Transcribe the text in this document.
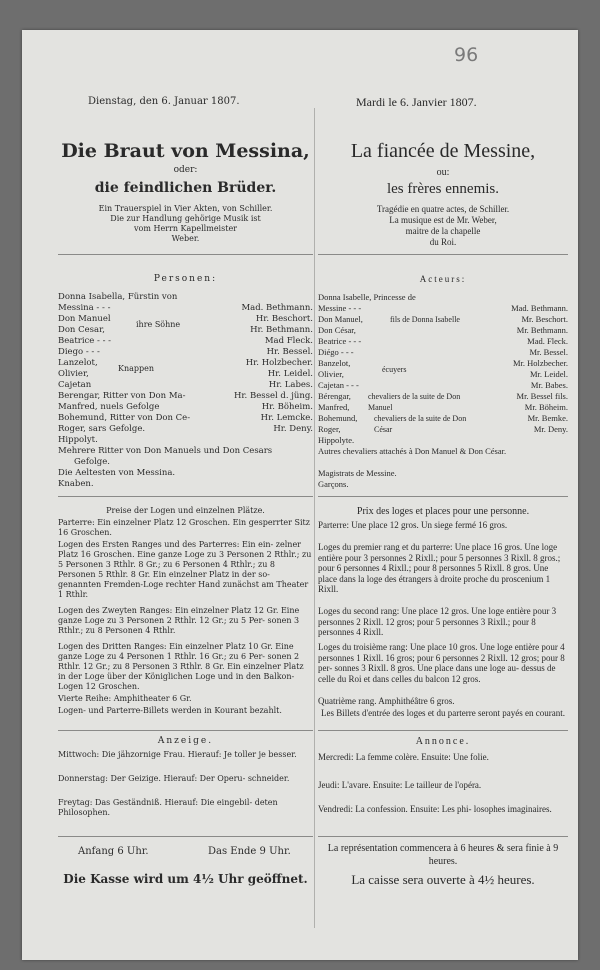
96
Dienstag, den 6. Januar 1807.
Die Braut von Messina,
oder:
die feindlichen Brüder.
Ein Trauerspiel in Vier Akten, von Schiller.
Die zur Handlung gehörige Musik ist
vom Herrn Kapellmeister
Weber.
Personen:
Donna Isabella, Fürstin von
Messina - - -	Mad. Bethmann.
Don Manuel	Hr. Beschort.
Don Cesar,	Hr. Bethmann.
ihre Söhne
Beatrice - - -	Mad Fleck.
Diego - - -	Hr. Bessel.
Lanzelot,	Hr. Holzbecher.
Olivier,	Hr. Leidel.
Knappen
Cajetan	Hr. Labes.
Berengar, Ritter von Don Ma-	Hr. Bessel d. jüng.
Manfred, nuels Gefolge	Hr. Böheim.
Bohemund, Ritter von Don Ce-	Hr. Lemcke.
Roger, sars Gefolge.	Hr. Deny.
Hippolyt.
Mehrere Ritter von Don Manuels und Don Cesars
Gefolge.
Die Aeltesten von Messina.
Knaben.
Preise der Logen und einzelnen Plätze.
Parterre: Ein einzelner Platz 12 Groschen. Ein gesperrter Sitz 16 Groschen.
Logen des Ersten Ranges und des Parterres: Ein ein- zelner Platz 16 Groschen. Eine ganze Loge zu 3 Personen 2 Rthlr.; zu 5 Personen 3 Rthlr. 8 Gr.; zu 6 Personen 4 Rthlr.; zu 8 Personen 5 Rthlr. 8 Gr. Ein einzelner Platz in der so- genannten Fremden-Loge rechter Hand zunächst am Theater 1 Rthlr.
Logen des Zweyten Ranges: Ein einzelner Platz 12 Gr. Eine ganze Loge zu 3 Personen 2 Rthlr. 12 Gr.; zu 5 Per- sonen 3 Rthlr.; zu 8 Personen 4 Rthlr.
Logen des Dritten Ranges: Ein einzelner Platz 10 Gr. Eine ganze Loge zu 4 Personen 1 Rthlr. 16 Gr.; zu 6 Per- sonen 2 Rthlr. 12 Gr.; zu 8 Personen 3 Rthlr. 8 Gr. Ein einzelner Platz in der Loge über der Königlichen Loge und in den Balkon-Logen 12 Groschen.
Vierte Reihe: Amphitheater 6 Gr.
Logen- und Parterre-Billets werden in Kourant bezahlt.
Anzeige.
Mittwoch: Die jähzornige Frau. Hierauf: Je toller je besser.
Donnerstag: Der Geizige. Hierauf: Der Operu- schneider.
Freytag: Das Geständniß. Hierauf: Die eingebil- deten Philosophen.
Anfang 6 Uhr.	Das Ende 9 Uhr.
Die Kasse wird um 4½ Uhr geöffnet.
Mardi le 6. Janvier 1807.
La fiancée de Messine,
ou:
les frères ennemis.
Tragédie en quatre actes, de Schiller.
La musique est de Mr. Weber,
maitre de la chapelle
du Roi.
Acteurs:
Donna Isabelle, Princesse de
Messine - - -	Mad. Bethmann.
Don Manuel,	Mr. Beschort.
Don César,	Mr. Bethmann.
fils de Donna Isabelle
Beatrice - - -	Mad. Fleck.
Diégo - - -	Mr. Bessel.
Banzelot,	Mr. Holzbecher.
Olivier,	Mr. Leidel.
écuyers
Cajetan - - -	Mr. Babes.
Bérengar,	Mr. Bessel fils.
Manfred,	Mr. Böheim.
chevaliers de la suite de Don Manuel
Bohemund,	Mr. Bemke.
Roger,	Mr. Deny.
chevaliers de la suite de Don César
Hippolyte.
Autres chevaliers attachés à Don Manuel & Don César.
Magistrats de Messine.
Garçons.
Prix des loges et places pour une personne.
Parterre: Une place 12 gros. Un siege fermé 16 gros.
Loges du premier rang et du parterre: Une place 16 gros. Une loge entière pour 3 personnes 2 Rixll.; pour 5 personnes 3 Rixll. 8 gros.; pour 6 personnes 4 Rixll.; pour 8 personnes 5 Rixll. 8 gros. Une place dans la loge des étrangers à droite proche du proscenium 1 Rixll.
Loges du second rang: Une place 12 gros. Une loge entière pour 3 personnes 2 Rixll. 12 gros; pour 5 personnes 3 Rixll.; pour 8 personnes 4 Rixll.
Loges du troisième rang: Une place 10 gros. Une loge entière pour 4 personnes 1 Rixll. 16 gros; pour 6 personnes 2 Rixll. 12 gros; pour 8 per- sonnes 3 Rixll. 8 gros. Une place dans une loge au- dessus de celle du Roi et dans celles du balcon 12 gros.
Quatrième rang. Amphithéâtre 6 gros.
Les Billets d'entrée des loges et du parterre seront payés en courant.
Annonce.
Mercredi: La femme colère. Ensuite: Une folie.
Jeudi: L'avare. Ensuite: Le tailleur de l'opéra.
Vendredi: La confession. Ensuite: Les phi- losophes imaginaires.
La représentation commencera à 6 heures & sera finie à 9 heures.
La caisse sera ouverte à 4½ heures.
